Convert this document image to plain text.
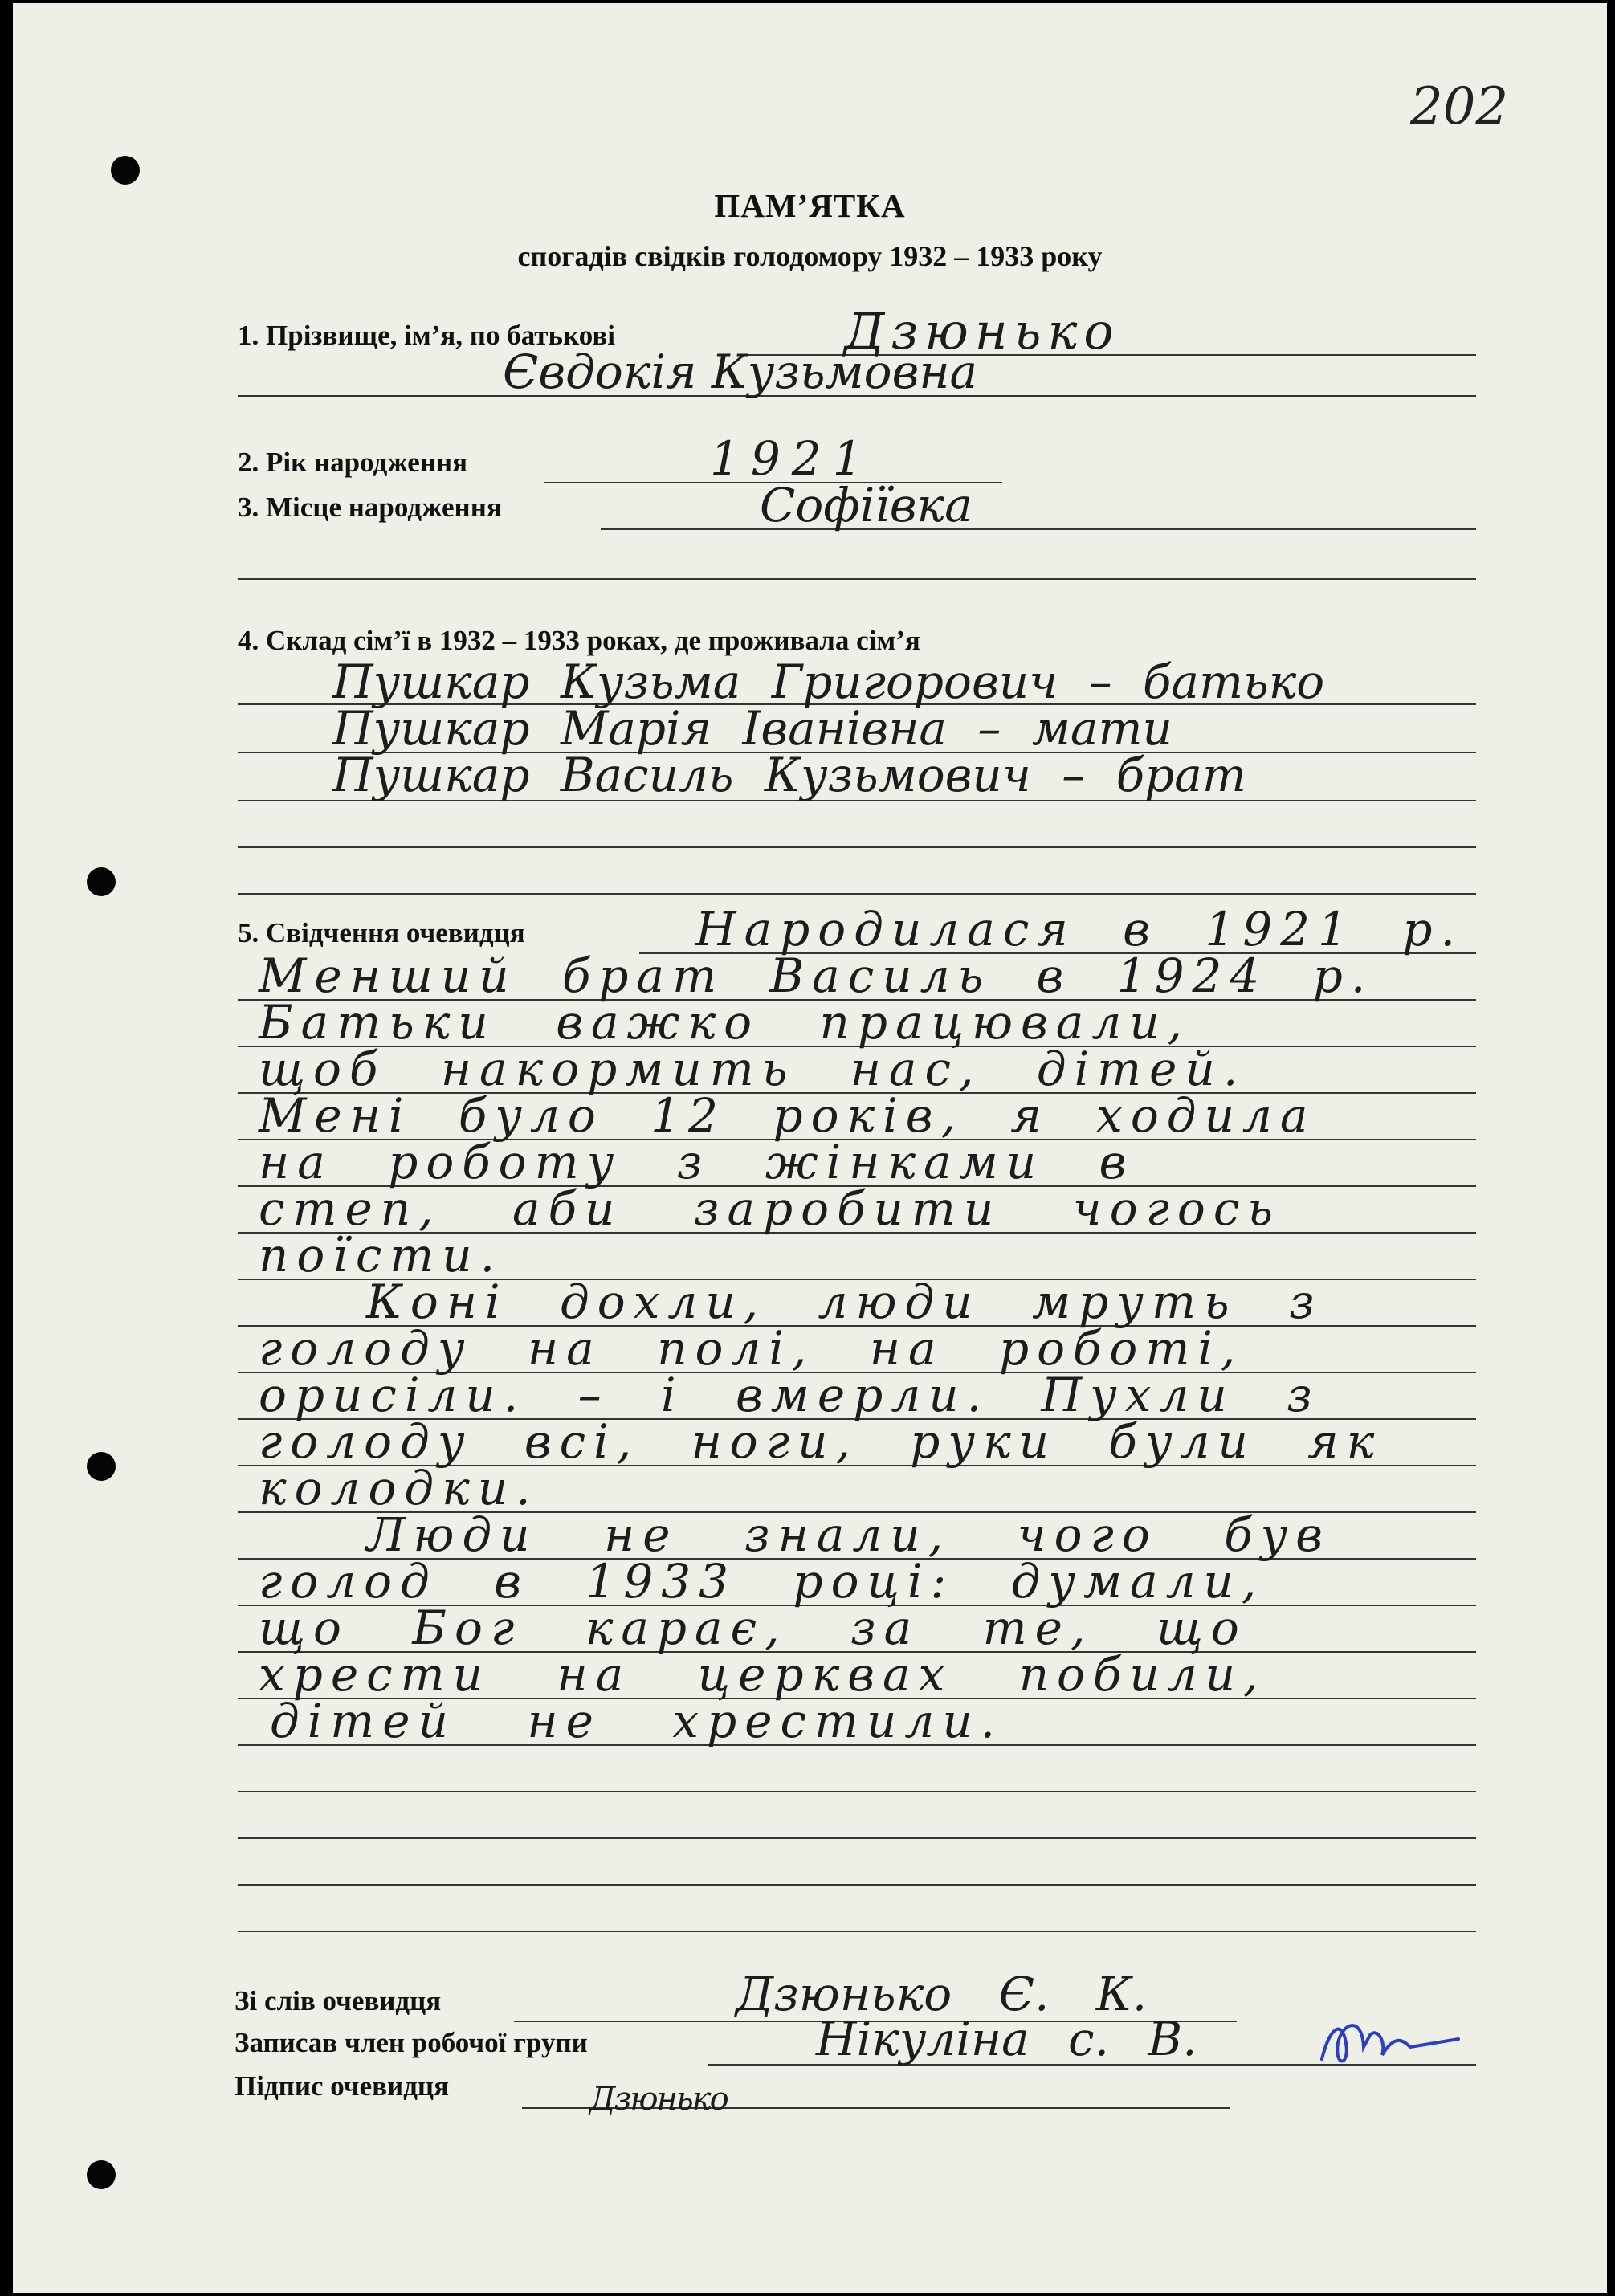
202
ПАМ’ЯТКА
спогадів свідків голодомору 1932 – 1933 року
1. Прізвище, ім’я, по батькові	Дзюнько
Євдокія Кузьмовна
2. Рік народження	1921
3. Місце народження	Софіївка
4. Склад сім’ї в 1932 – 1933 роках, де проживала сім’я
Пушкар Кузьма Григорович – батько
Пушкар Марія Іванівна – мати
Пушкар Василь Кузьмович – брат
5. Свідчення очевидця	Народилася в 1921 р.
Менший брат Василь в 1924 р.
Батьки важко працювали,
щоб накормить нас, дітей.
Мені було 12 років, я ходила
на роботу з жінками в
степ, аби заробити чогось
поїсти.
Коні дохли, люди мруть з
голоду на полі, на роботі,
орисіли. – і вмерли. Пухли з
голоду всі, ноги, руки були як
колодки.
Люди не знали, чого був
голод в 1933 році: думали,
що Бог карає, за те, що
хрести на церквах побили,
дітей не хрестили.
Зі слів очевидця	Дзюнько Є. К.
Записав член робочої групи	Нікуліна с. В.
Підпис очевидця	Дзюнько
